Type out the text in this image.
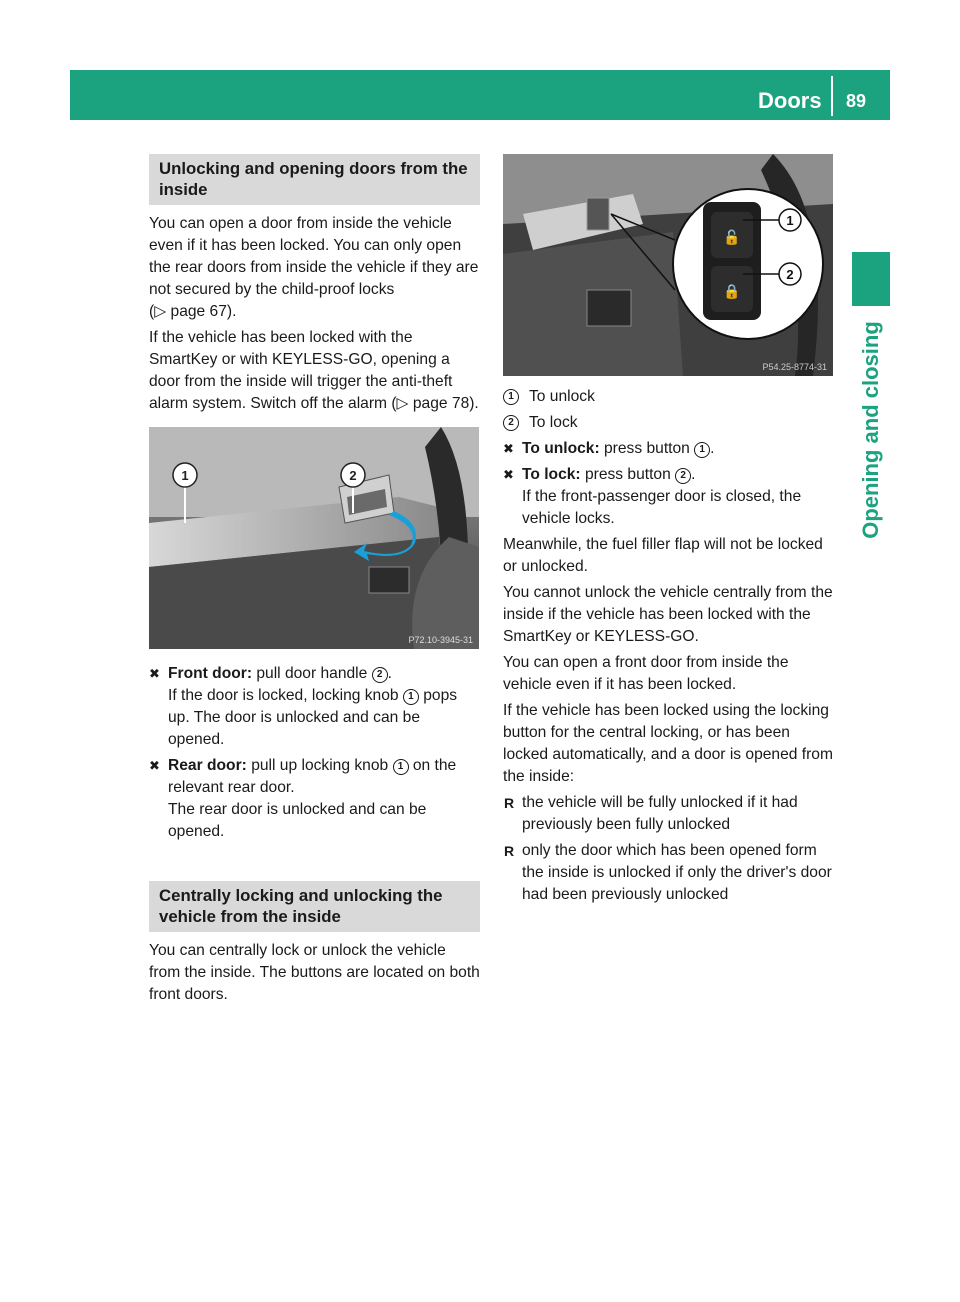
Doors 89
Opening and closing
Unlocking and opening doors from the inside

You can open a door from inside the vehicle even if it has been locked. You can only open the rear doors from inside the vehicle if they are not secured by the child-proof locks
(▷ page 67).

If the vehicle has been locked with the SmartKey or with KEYLESS-GO, opening a door from the inside will trigger the anti-theft alarm system. Switch off the alarm (▷ page 78).

1	2
P72.10-3945-31
✖ Front door: pull door handle 2 .
If the door is locked, locking knob 1 pops up. The door is unlocked and can be opened.
✖ Rear door: pull up locking knob 1 on the relevant rear door.
The rear door is unlocked and can be opened.
Centrally locking and unlocking the vehicle from the inside

You can centrally lock or unlock the vehicle from the inside. The buttons are located on both front doors.

🔓
🔒
1
2
P54.25-8774-31
1 To unlock
2 To lock
✖ To unlock: press button 1 .
✖ To lock: press button 2 .
If the front-passenger door is closed, the vehicle locks.

Meanwhile, the fuel filler flap will not be locked or unlocked.

You cannot unlock the vehicle centrally from the inside if the vehicle has been locked with the SmartKey or KEYLESS-GO.

You can open a front door from inside the vehicle even if it has been locked.

If the vehicle has been locked using the locking button for the central locking, or has been locked automatically, and a door is opened from the inside:

R the vehicle will be fully unlocked if it had previously been fully unlocked
R only the door which has been opened form the inside is unlocked if only the driver's door had been previously unlocked
